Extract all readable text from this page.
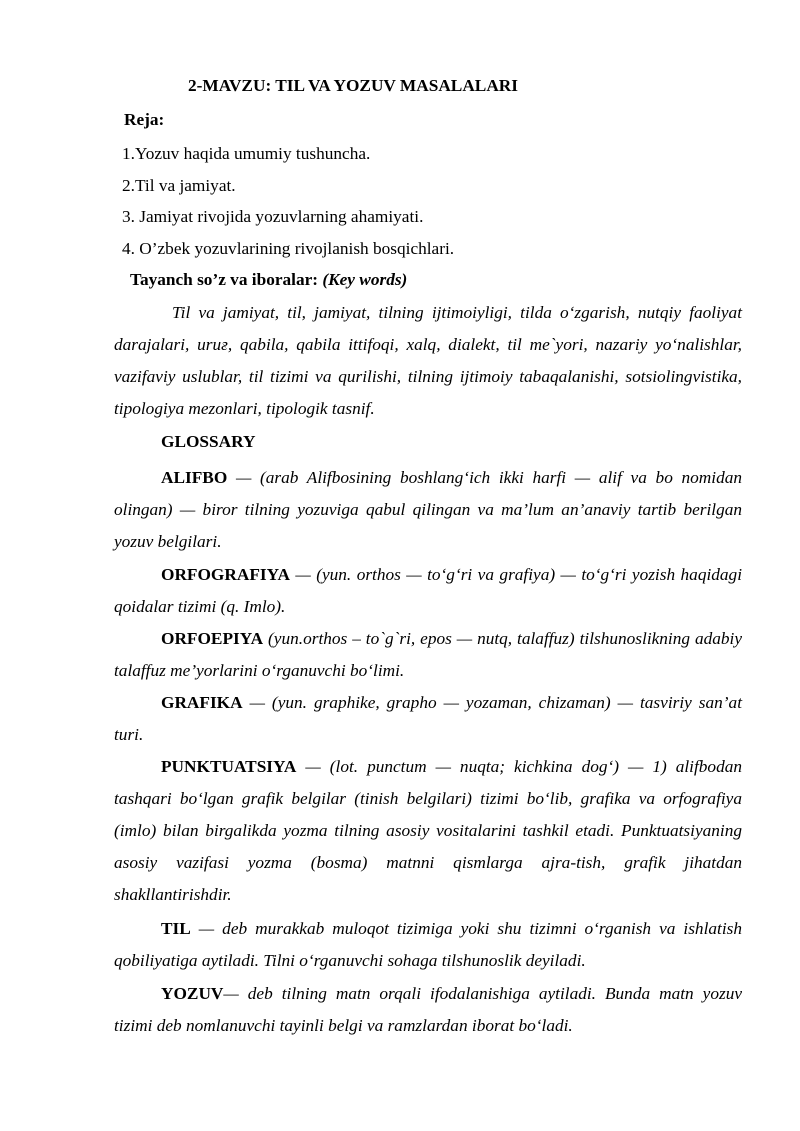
2-MAVZU: TIL VA YOZUV MASALALARI

Reja:

1.Yozuv haqida umumiy tushuncha.
2.Til va jamiyat.
3. Jamiyat rivojida yozuvlarning ahamiyati.
4. O’zbek yozuvlarining rivojlanish bosqichlari.

Tayanch so’z va iboralar: (Key words)

Til va jamiyat, til, jamiyat, tilning ijtimoiyligi, tilda o‘zgarish, nutqiy faoliyat darajalari, uruғ, qabila, qabila ittifoqi, xalq, dialekt, til me`yori, nazariy yo‘nalishlar, vazifaviy uslublar, til tizimi va qurilishi, tilning ijtimoiy tabaqalanishi, sotsiolingvistika, tipologiya mezonlari, tipologik tasnif.

GLOSSARY

ALIFBO — (arab Alifbosining boshlang‘ich ikki harfi — alif va bo nomidan olingan) — biror tilning yozuviga qabul qilingan va ma’lum an’anaviy tartib berilgan yozuv belgilari.

ORFOGRAFIYA — (yun. orthos — to‘g‘ri va grafiya) — to‘g‘ri yozish haqidagi qoidalar tizimi (q. Imlo).

ORFOEPIYA (yun.orthos – to`g`ri, epos — nutq, talaffuz) tilshunoslikning adabiy talaffuz me’yorlarini o‘rganuvchi bo‘limi.

GRAFIKA — (yun. graphike, grapho — yozaman, chizaman) — tasviriy san’at turi.

PUNKTUATSIYA — (lot. punctum — nuqta; kichkina dog‘) — 1) alifbodan tashqari bo‘lgan grafik belgilar (tinish belgilari) tizimi bo‘lib, grafika va orfografiya (imlo) bilan birgalikda yozma tilning asosiy vositalarini tashkil etadi. Punktuatsiyaning asosiy vazifasi yozma (bosma) matnni qismlarga ajra-tish, grafik jihatdan shakllantirishdir.

TIL — deb murakkab muloqot tizimiga yoki shu tizimni o‘rganish va ishlatish qobiliyatiga aytiladi. Tilni o‘rganuvchi sohaga tilshunoslik deyiladi.

YOZUV— deb tilning matn orqali ifodalanishiga aytiladi. Bunda matn yozuv tizimi deb nomlanuvchi tayinli belgi va ramzlardan iborat bo‘ladi.
